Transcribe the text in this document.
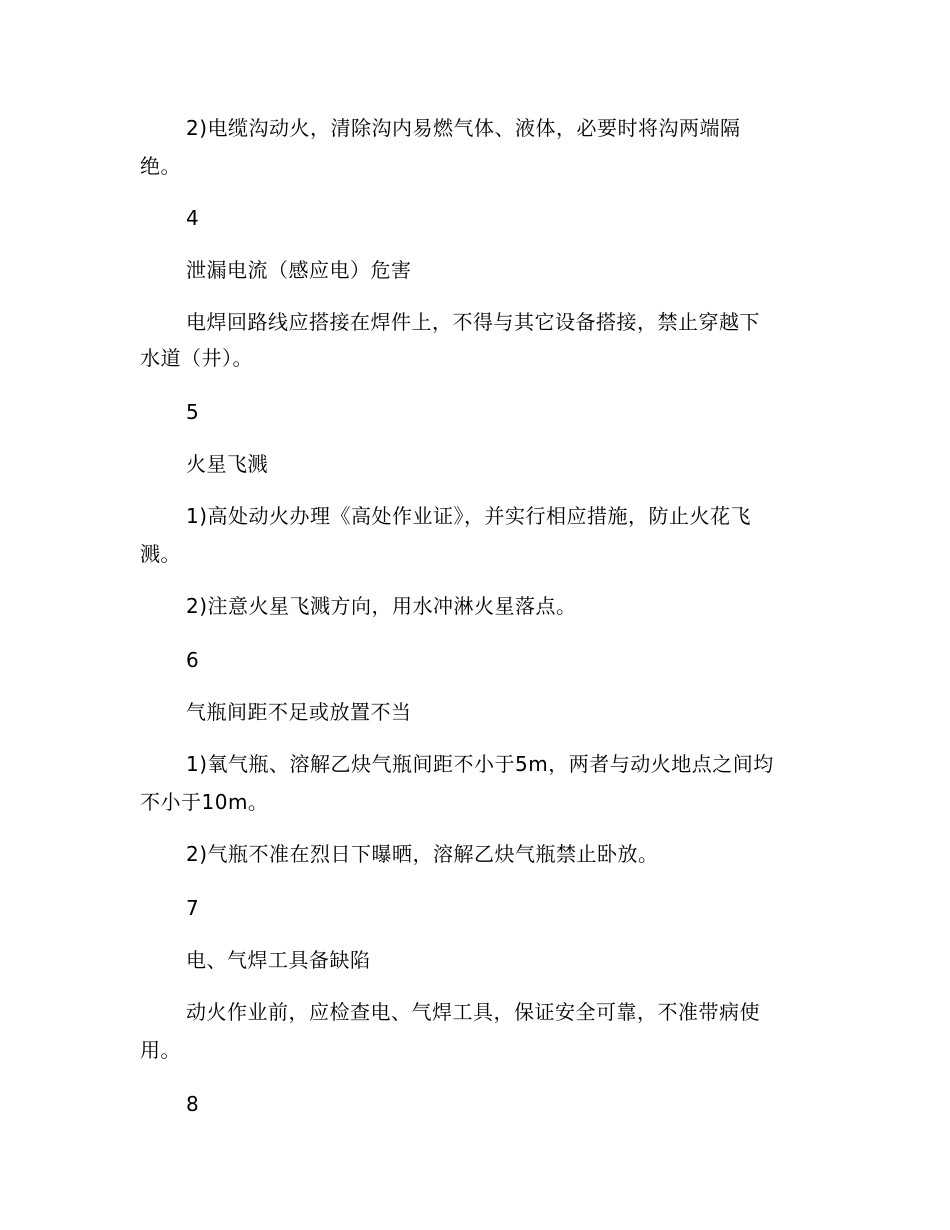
2)电缆沟动火，清除沟内易燃气体、液体，必要时将沟两端隔
绝。
4
泄漏电流（感应电）危害
电焊回路线应搭接在焊件上，不得与其它设备搭接，禁止穿越下
水道（井）。
5
火星飞溅
1)高处动火办理《高处作业证》，并实行相应措施，防止火花飞
溅。
2)注意火星飞溅方向，用水冲淋火星落点。
6
气瓶间距不足或放置不当
1)氧气瓶、溶解乙炔气瓶间距不小于5m，两者与动火地点之间均
不小于10m。
2)气瓶不准在烈日下曝晒，溶解乙炔气瓶禁止卧放。
7
电、气焊工具备缺陷
动火作业前，应检查电、气焊工具，保证安全可靠，不准带病使
用。
8
